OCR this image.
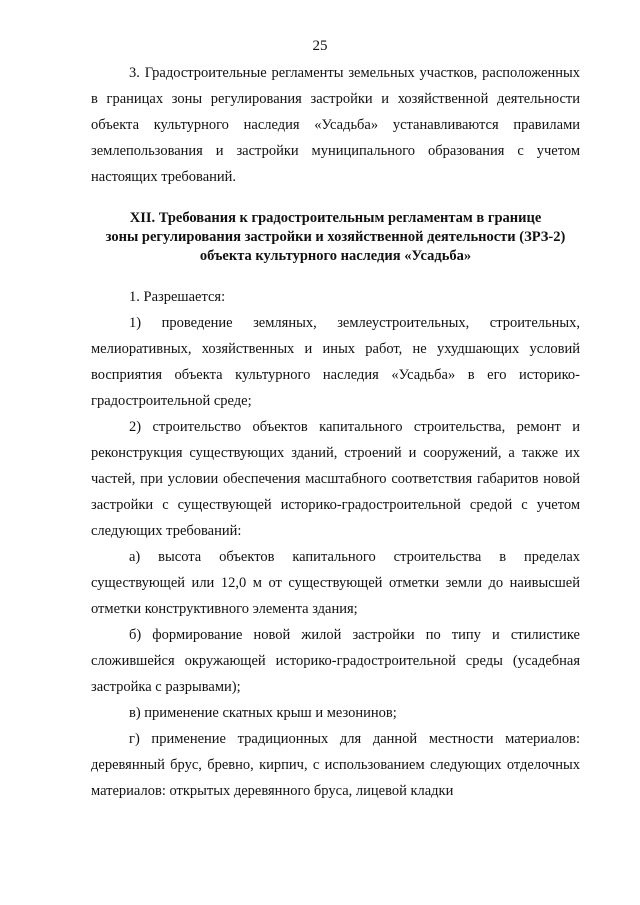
25

3. Градостроительные регламенты земельных участков, расположенных в границах зоны регулирования застройки и хозяйственной деятельности объекта культурного наследия «Усадьба» устанавливаются правилами землепользования и застройки муниципального образования с учетом настоящих требований.

XII. Требования к градостроительным регламентам в границе
зоны регулирования застройки и хозяйственной деятельности (ЗРЗ-2)
объекта культурного наследия «Усадьба»

1. Разрешается:

1) проведение земляных, землеустроительных, строительных, мелиоративных, хозяйственных и иных работ, не ухудшающих условий восприятия объекта культурного наследия «Усадьба» в его историко-градостроительной среде;

2) строительство объектов капитального строительства, ремонт и реконструкция существующих зданий, строений и сооружений, а также их частей, при условии обеспечения масштабного соответствия габаритов новой застройки с существующей историко-градостроительной средой с учетом следующих требований:

а) высота объектов капитального строительства в пределах существующей или 12,0 м от существующей отметки земли до наивысшей отметки конструктивного элемента здания;

б) формирование новой жилой застройки по типу и стилистике сложившейся окружающей историко-градостроительной среды (усадебная застройка с разрывами);

в) применение скатных крыш и мезонинов;

г) применение традиционных для данной местности материалов: деревянный брус, бревно, кирпич, с использованием следующих отделочных материалов: открытых деревянного бруса, лицевой кладки
